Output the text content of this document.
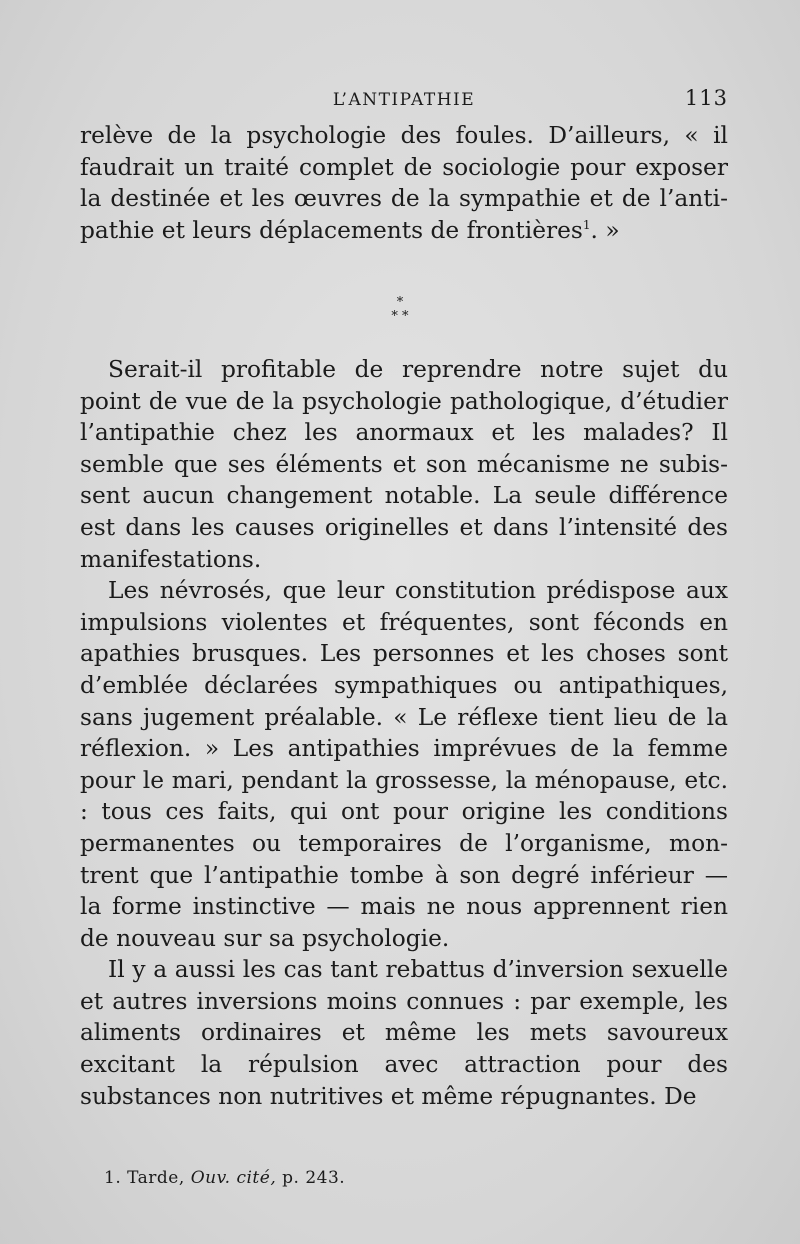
L’ANTIPATHIE	113

relève de la psychologie des foules. D’ailleurs, « il faudrait un traité complet de sociologie pour exposer la destinée et les œuvres de la sympathie et de l’anti-pathie et leurs déplacements de frontières$^1$. »

*
* *

Serait-il profitable de reprendre notre sujet du point de vue de la psychologie pathologique, d’étudier l’antipathie chez les anormaux et les malades? Il semble que ses éléments et son mécanisme ne subis-sent aucun changement notable. La seule différence est dans les causes originelles et dans l’intensité des manifestations.

Les névrosés, que leur constitution prédispose aux impulsions violentes et fréquentes, sont féconds en apathies brusques. Les personnes et les choses sont d’emblée déclarées sympathiques ou antipathiques, sans jugement préalable. « Le réflexe tient lieu de la réflexion. » Les antipathies imprévues de la femme pour le mari, pendant la grossesse, la ménopause, etc. : tous ces faits, qui ont pour origine les conditions permanentes ou temporaires de l’organisme, mon-trent que l’antipathie tombe à son degré inférieur — la forme instinctive — mais ne nous apprennent rien de nouveau sur sa psychologie.

Il y a aussi les cas tant rebattus d’inversion sexuelle et autres inversions moins connues : par exemple, les aliments ordinaires et même les mets savoureux excitant la répulsion avec attraction pour des substances non nutritives et même répugnantes. De

1. Tarde, Ouv. cité, p. 243.
